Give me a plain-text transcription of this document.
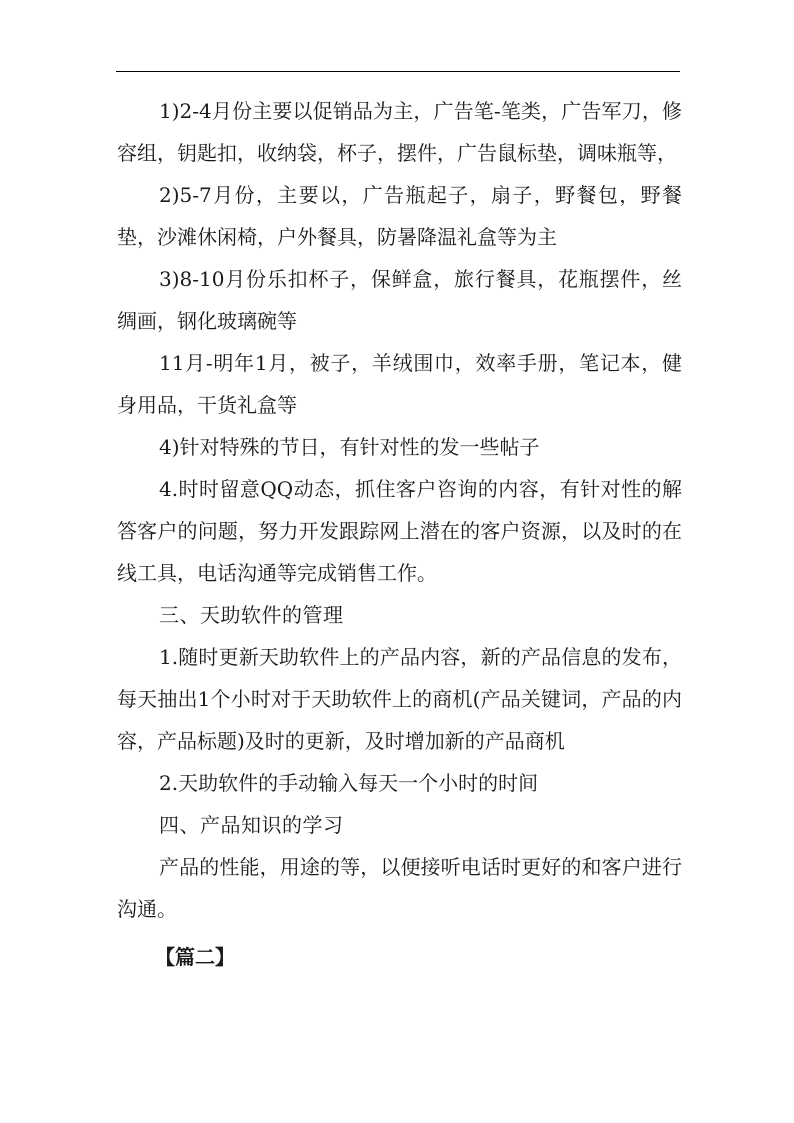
1)2-4月份主要以促销品为主，广告笔-笔类，广告军刀，修容组，钥匙扣，收纳袋，杯子，摆件，广告鼠标垫，调味瓶等，

2)5-7月份，主要以，广告瓶起子，扇子，野餐包，野餐垫，沙滩休闲椅，户外餐具，防暑降温礼盒等为主

3)8-10月份乐扣杯子，保鲜盒，旅行餐具，花瓶摆件，丝绸画，钢化玻璃碗等

11月-明年1月，被子，羊绒围巾，效率手册，笔记本，健身用品，干货礼盒等

4)针对特殊的节日，有针对性的发一些帖子

4.时时留意QQ动态，抓住客户咨询的内容，有针对性的解答客户的问题，努力开发跟踪网上潜在的客户资源，以及时的在线工具，电话沟通等完成销售工作。

三、天助软件的管理

1.随时更新天助软件上的产品内容，新的产品信息的发布，每天抽出1个小时对于天助软件上的商机(产品关键词，产品的内容，产品标题)及时的更新，及时增加新的产品商机

2.天助软件的手动输入每天一个小时的时间

四、产品知识的学习

产品的性能，用途的等，以便接听电话时更好的和客户进行沟通。

【篇二】
